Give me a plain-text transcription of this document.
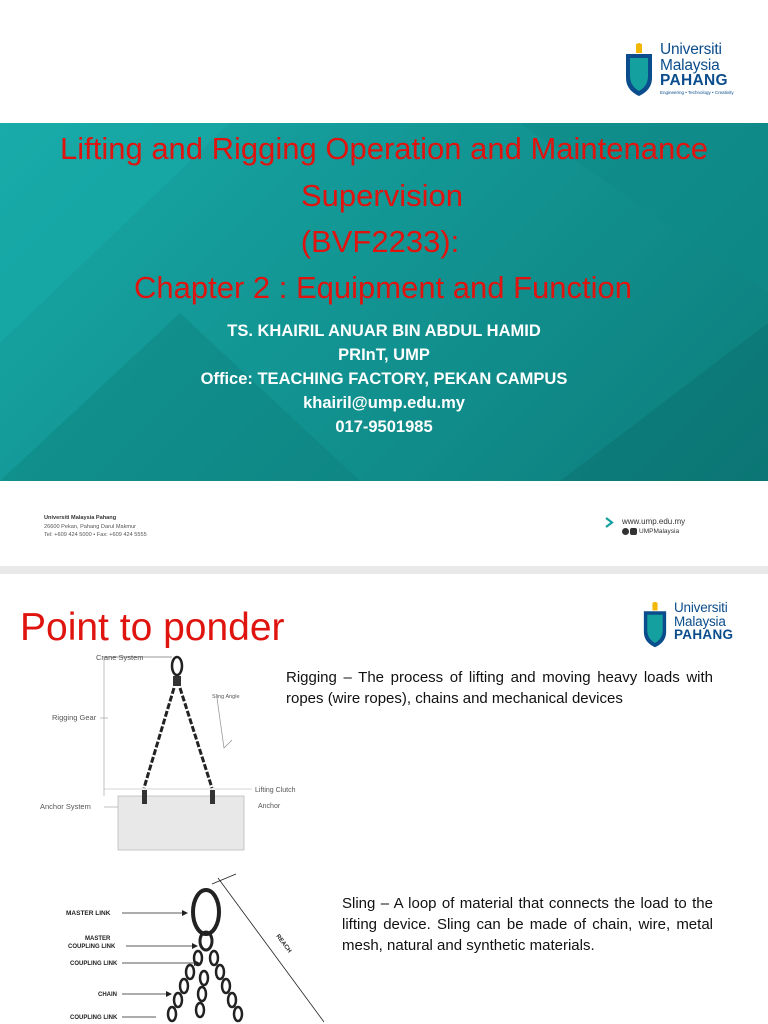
Universiti
Malaysia
PAHANG
Engineering • Technology • Creativity
Lifting and Rigging Operation and Maintenance
Supervision
(BVF2233):
Chapter 2 : Equipment and Function
TS. KHAIRIL ANUAR BIN ABDUL HAMID
PRInT, UMP
Office: TEACHING FACTORY, PEKAN CAMPUS
khairil@ump.edu.my
017-9501985
Universiti Malaysia Pahang
26600 Pekan, Pahang Darul Makmur
Tel: +609 424 5000 • Fax: +609 424 5555
www.ump.edu.my
UMPMalaysia
Point to ponder	Universiti
Malaysia
PAHANG
Crane System
Rigging Gear
Sling Angle
Lifting Clutch
Anchor
Anchor System
Rigging – The process of lifting and moving heavy loads with ropes (wire ropes), chains and mechanical devices
MASTER LINK
MASTER
COUPLING LINK
COUPLING LINK
CHAIN
COUPLING LINK
REACH
Sling – A loop of material that connects the load to the lifting device. Sling can be made of chain, wire, metal mesh, natural and synthetic materials.
